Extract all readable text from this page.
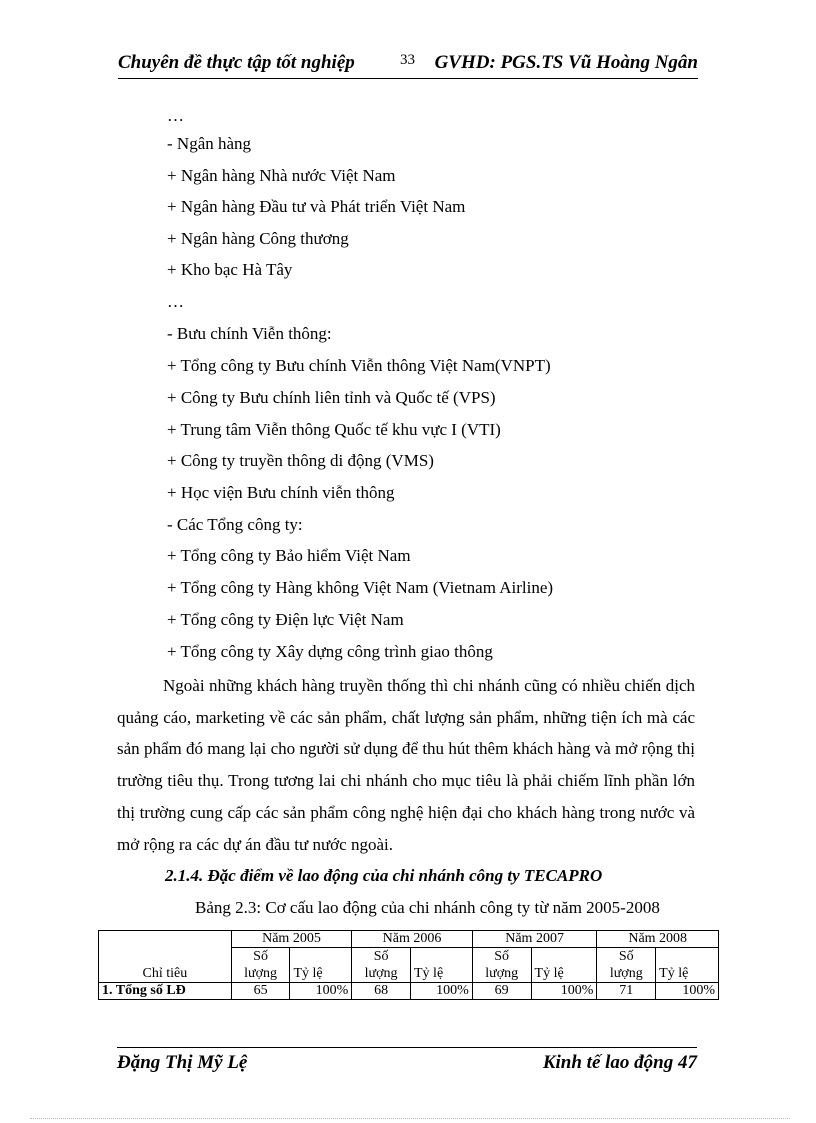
Chuyên đề thực tập tốt nghiệp	33 GVHD: PGS.TS Vũ Hoàng Ngân
…
- Ngân hàng
+ Ngân hàng Nhà nước Việt Nam
+ Ngân hàng Đầu tư và Phát triển Việt Nam
+ Ngân hàng Công thương
+ Kho bạc Hà Tây
…
- Bưu chính Viễn thông:
+ Tổng công ty Bưu chính Viễn thông Việt Nam(VNPT)
+ Công ty Bưu chính liên tỉnh và Quốc tế (VPS)
+ Trung tâm Viễn thông Quốc tế khu vực I (VTI)
+ Công ty truyền thông di động (VMS)
+ Học viện Bưu chính viễn thông
- Các Tổng công ty:
+ Tổng công ty Bảo hiểm Việt Nam
+ Tổng công ty Hàng không Việt Nam (Vietnam Airline)
+ Tổng công ty Điện lực Việt Nam
+ Tổng công ty Xây dựng công trình giao thông
Ngoài những khách hàng truyền thống thì chi nhánh cũng có nhiều chiến dịch quảng cáo, marketing về các sản phẩm, chất lượng sản phẩm, những tiện ích mà các sản phẩm đó mang lại cho người sử dụng để thu hút thêm khách hàng và mở rộng thị trường tiêu thụ. Trong tương lai chi nhánh cho mục tiêu là phải chiếm lĩnh phần lớn thị trường cung cấp các sản phẩm công nghệ hiện đại cho khách hàng trong nước và mở rộng ra các dự án đầu tư nước ngoài.
2.1.4. Đặc điểm về lao động của chi nhánh công ty TECAPRO
Bảng 2.3: Cơ cấu lao động của chi nhánh công ty từ năm 2005-2008
	Năm 2005		Năm 2006		Năm 2007		Năm 2008	
Chỉ tiêu	Số lượng	Tỷ lệ	Số lượng	Tỷ lệ	Số lượng	Tỷ lệ	Số lượng	Tỷ lệ
1. Tổng số LĐ	65	100%	68	100%	69	100%	71	100%
Đặng Thị Mỹ Lệ	Kinh tế lao động 47
